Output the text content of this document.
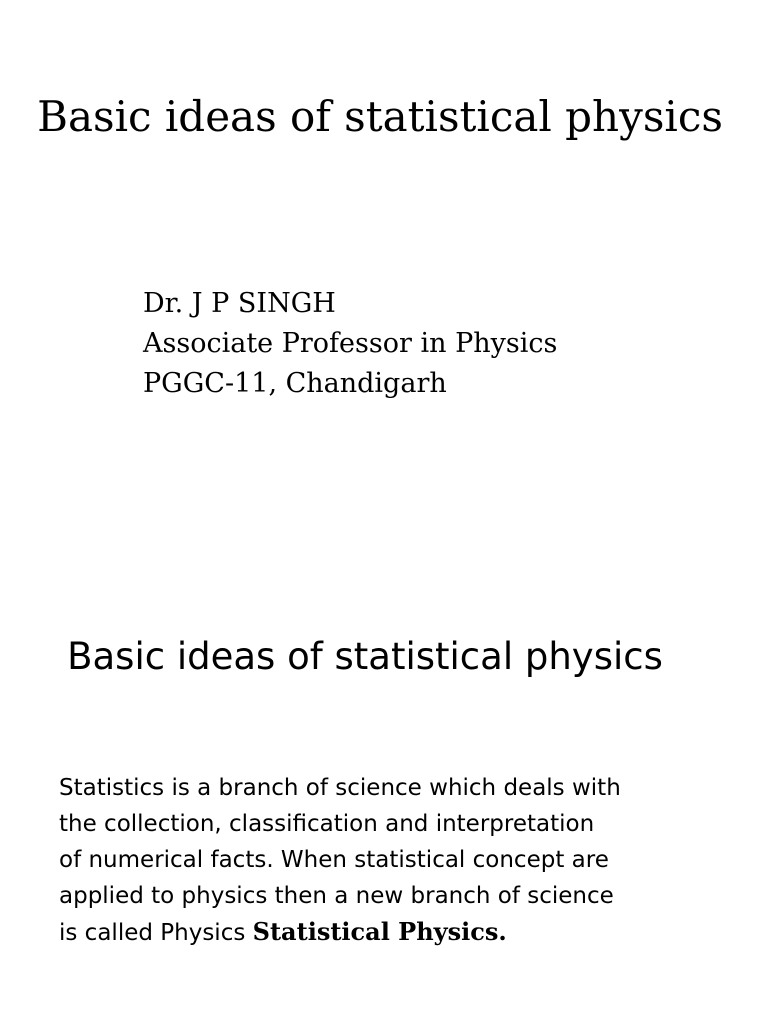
Basic ideas of statistical physics
Dr. J P SINGH
Associate Professor in Physics
PGGC-11, Chandigarh
Basic ideas of statistical physics
Statistics is a branch of science which deals with
the collection, classification and interpretation
of numerical facts. When statistical concept are
applied to physics then a new branch of science
is called Physics Statistical Physics.
